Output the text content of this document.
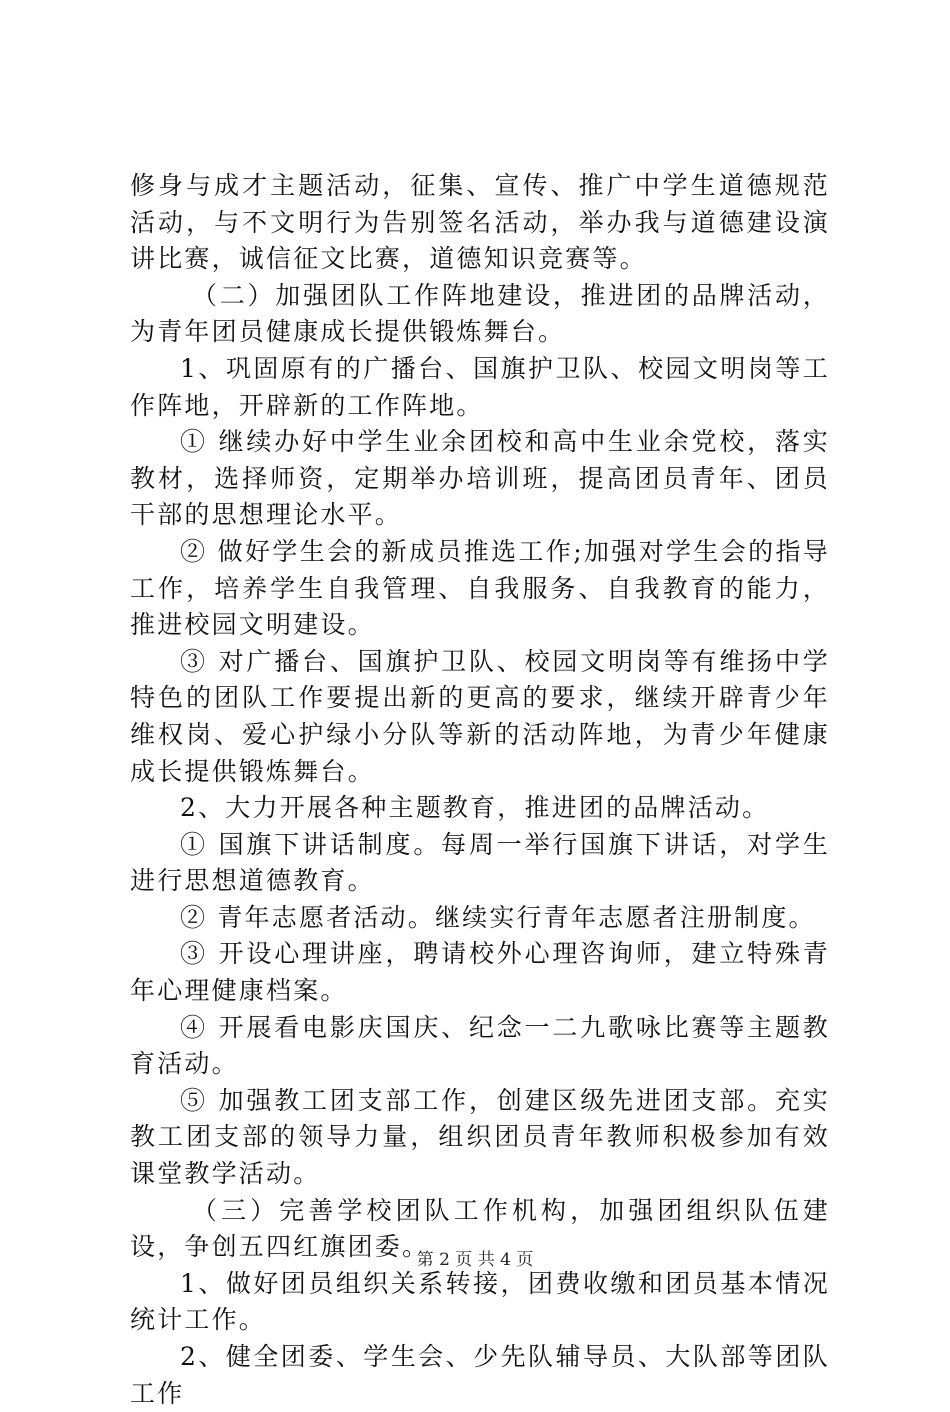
修身与成才主题活动，征集、宣传、推广中学生道德规范活动，与不文明行为告别签名活动，举办我与道德建设演讲比赛，诚信征文比赛，道德知识竞赛等。

（二）加强团队工作阵地建设，推进团的品牌活动，为青年团员健康成长提供锻炼舞台。

1、巩固原有的广播台、国旗护卫队、校园文明岗等工作阵地，开辟新的工作阵地。

① 继续办好中学生业余团校和高中生业余党校，落实教材，选择师资，定期举办培训班，提高团员青年、团员干部的思想理论水平。

② 做好学生会的新成员推选工作;加强对学生会的指导工作，培养学生自我管理、自我服务、自我教育的能力，推进校园文明建设。

③ 对广播台、国旗护卫队、校园文明岗等有维扬中学特色的团队工作要提出新的更高的要求，继续开辟青少年维权岗、爱心护绿小分队等新的活动阵地，为青少年健康成长提供锻炼舞台。

2、大力开展各种主题教育，推进团的品牌活动。

① 国旗下讲话制度。每周一举行国旗下讲话，对学生进行思想道德教育。

② 青年志愿者活动。继续实行青年志愿者注册制度。

③ 开设心理讲座，聘请校外心理咨询师，建立特殊青年心理健康档案。

④ 开展看电影庆国庆、纪念一二九歌咏比赛等主题教育活动。

⑤ 加强教工团支部工作，创建区级先进团支部。充实教工团支部的领导力量，组织团员青年教师积极参加有效课堂教学活动。

（三）完善学校团队工作机构，加强团组织队伍建设，争创五四红旗团委。

1、做好团员组织关系转接，团费收缴和团员基本情况统计工作。

2、健全团委、学生会、少先队辅导员、大队部等团队工作

第 2 页 共 4 页
